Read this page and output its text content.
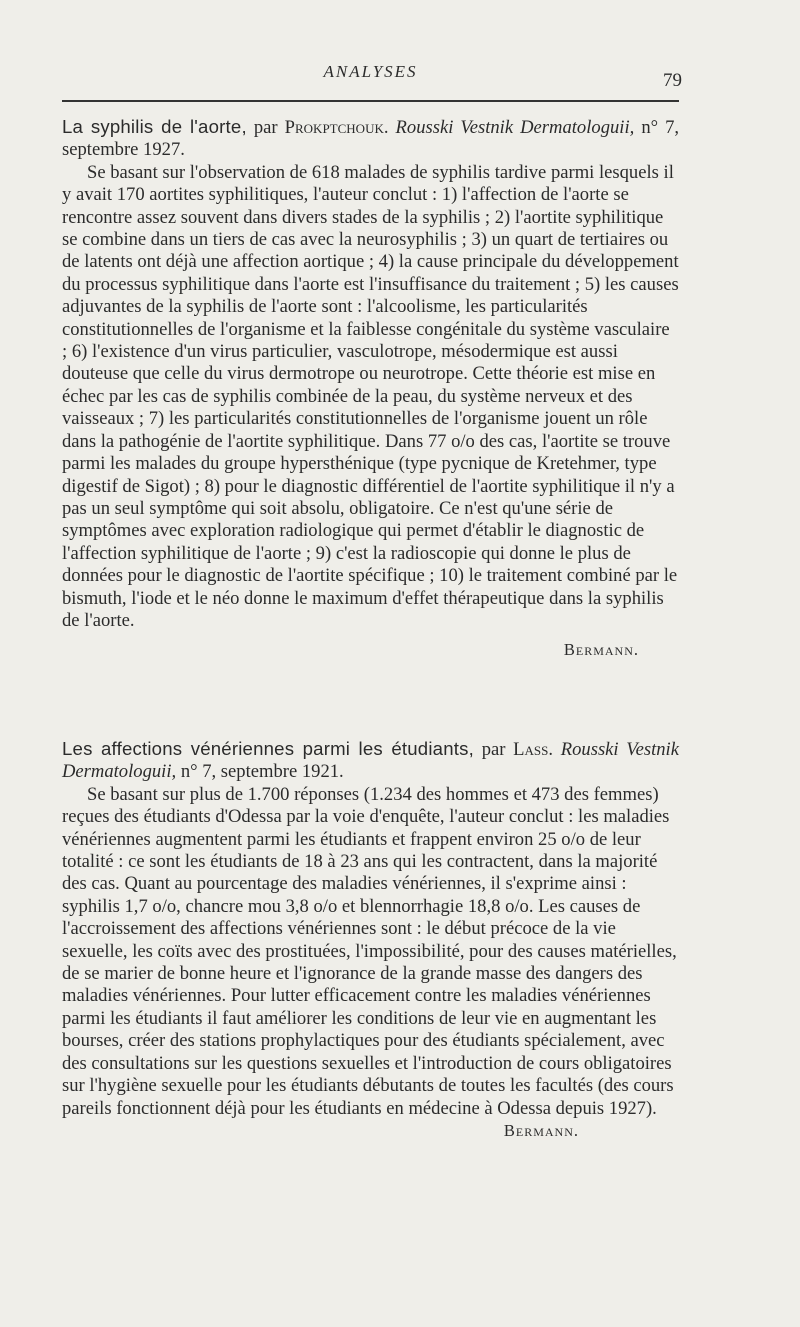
ANALYSES	79

La syphilis de l'aorte, par Prokptchouk. Rousski Vestnik Dermatologuii, n° 7, septembre 1927.

Se basant sur l'observation de 618 malades de syphilis tardive parmi lesquels il y avait 170 aortites syphilitiques, l'auteur conclut : 1) l'affection de l'aorte se rencontre assez souvent dans divers stades de la syphilis ; 2) l'aortite syphilitique se combine dans un tiers de cas avec la neurosyphilis ; 3) un quart de tertiaires ou de latents ont déjà une affection aortique ; 4) la cause principale du développement du processus syphilitique dans l'aorte est l'insuffisance du traitement ; 5) les causes adjuvantes de la syphilis de l'aorte sont : l'alcoolisme, les particularités constitutionnelles de l'organisme et la faiblesse congénitale du système vasculaire ; 6) l'existence d'un virus particulier, vasculotrope, mésodermique est aussi douteuse que celle du virus dermotrope ou neurotrope. Cette théorie est mise en échec par les cas de syphilis combinée de la peau, du système nerveux et des vaisseaux ; 7) les particularités constitutionnelles de l'organisme jouent un rôle dans la pathogénie de l'aortite syphilitique. Dans 77 o/o des cas, l'aortite se trouve parmi les malades du groupe hypersthénique (type pycnique de Kretehmer, type digestif de Sigot) ; 8) pour le diagnostic différentiel de l'aortite syphilitique il n'y a pas un seul symptôme qui soit absolu, obligatoire. Ce n'est qu'une série de symptômes avec exploration radiologique qui permet d'établir le diagnostic de l'affection syphilitique de l'aorte ; 9) c'est la radioscopie qui donne le plus de données pour le diagnostic de l'aortite spécifique ; 10) le traitement combiné par le bismuth, l'iode et le néo donne le maximum d'effet thérapeutique dans la syphilis de l'aorte.

Bermann.

Les affections vénériennes parmi les étudiants, par Lass. Rousski Vestnik Dermatologuii, n° 7, septembre 1921.

Se basant sur plus de 1.700 réponses (1.234 des hommes et 473 des femmes) reçues des étudiants d'Odessa par la voie d'enquête, l'auteur conclut : les maladies vénériennes augmentent parmi les étudiants et frappent environ 25 o/o de leur totalité : ce sont les étudiants de 18 à 23 ans qui les contractent, dans la majorité des cas. Quant au pourcentage des maladies vénériennes, il s'exprime ainsi : syphilis 1,7 o/o, chancre mou 3,8 o/o et blennorrhagie 18,8 o/o. Les causes de l'accroissement des affections vénériennes sont : le début précoce de la vie sexuelle, les coïts avec des prostituées, l'impossibilité, pour des causes matérielles, de se marier de bonne heure et l'ignorance de la grande masse des dangers des maladies vénériennes. Pour lutter efficacement contre les maladies vénériennes parmi les étudiants il faut améliorer les conditions de leur vie en augmentant les bourses, créer des stations prophylactiques pour des étudiants spécialement, avec des consultations sur les questions sexuelles et l'introduction de cours obligatoires sur l'hygiène sexuelle pour les étudiants débutants de toutes les facultés (des cours pareils fonctionnent déjà pour les étudiants en médecine à Odessa depuis 1927).
Bermann.
